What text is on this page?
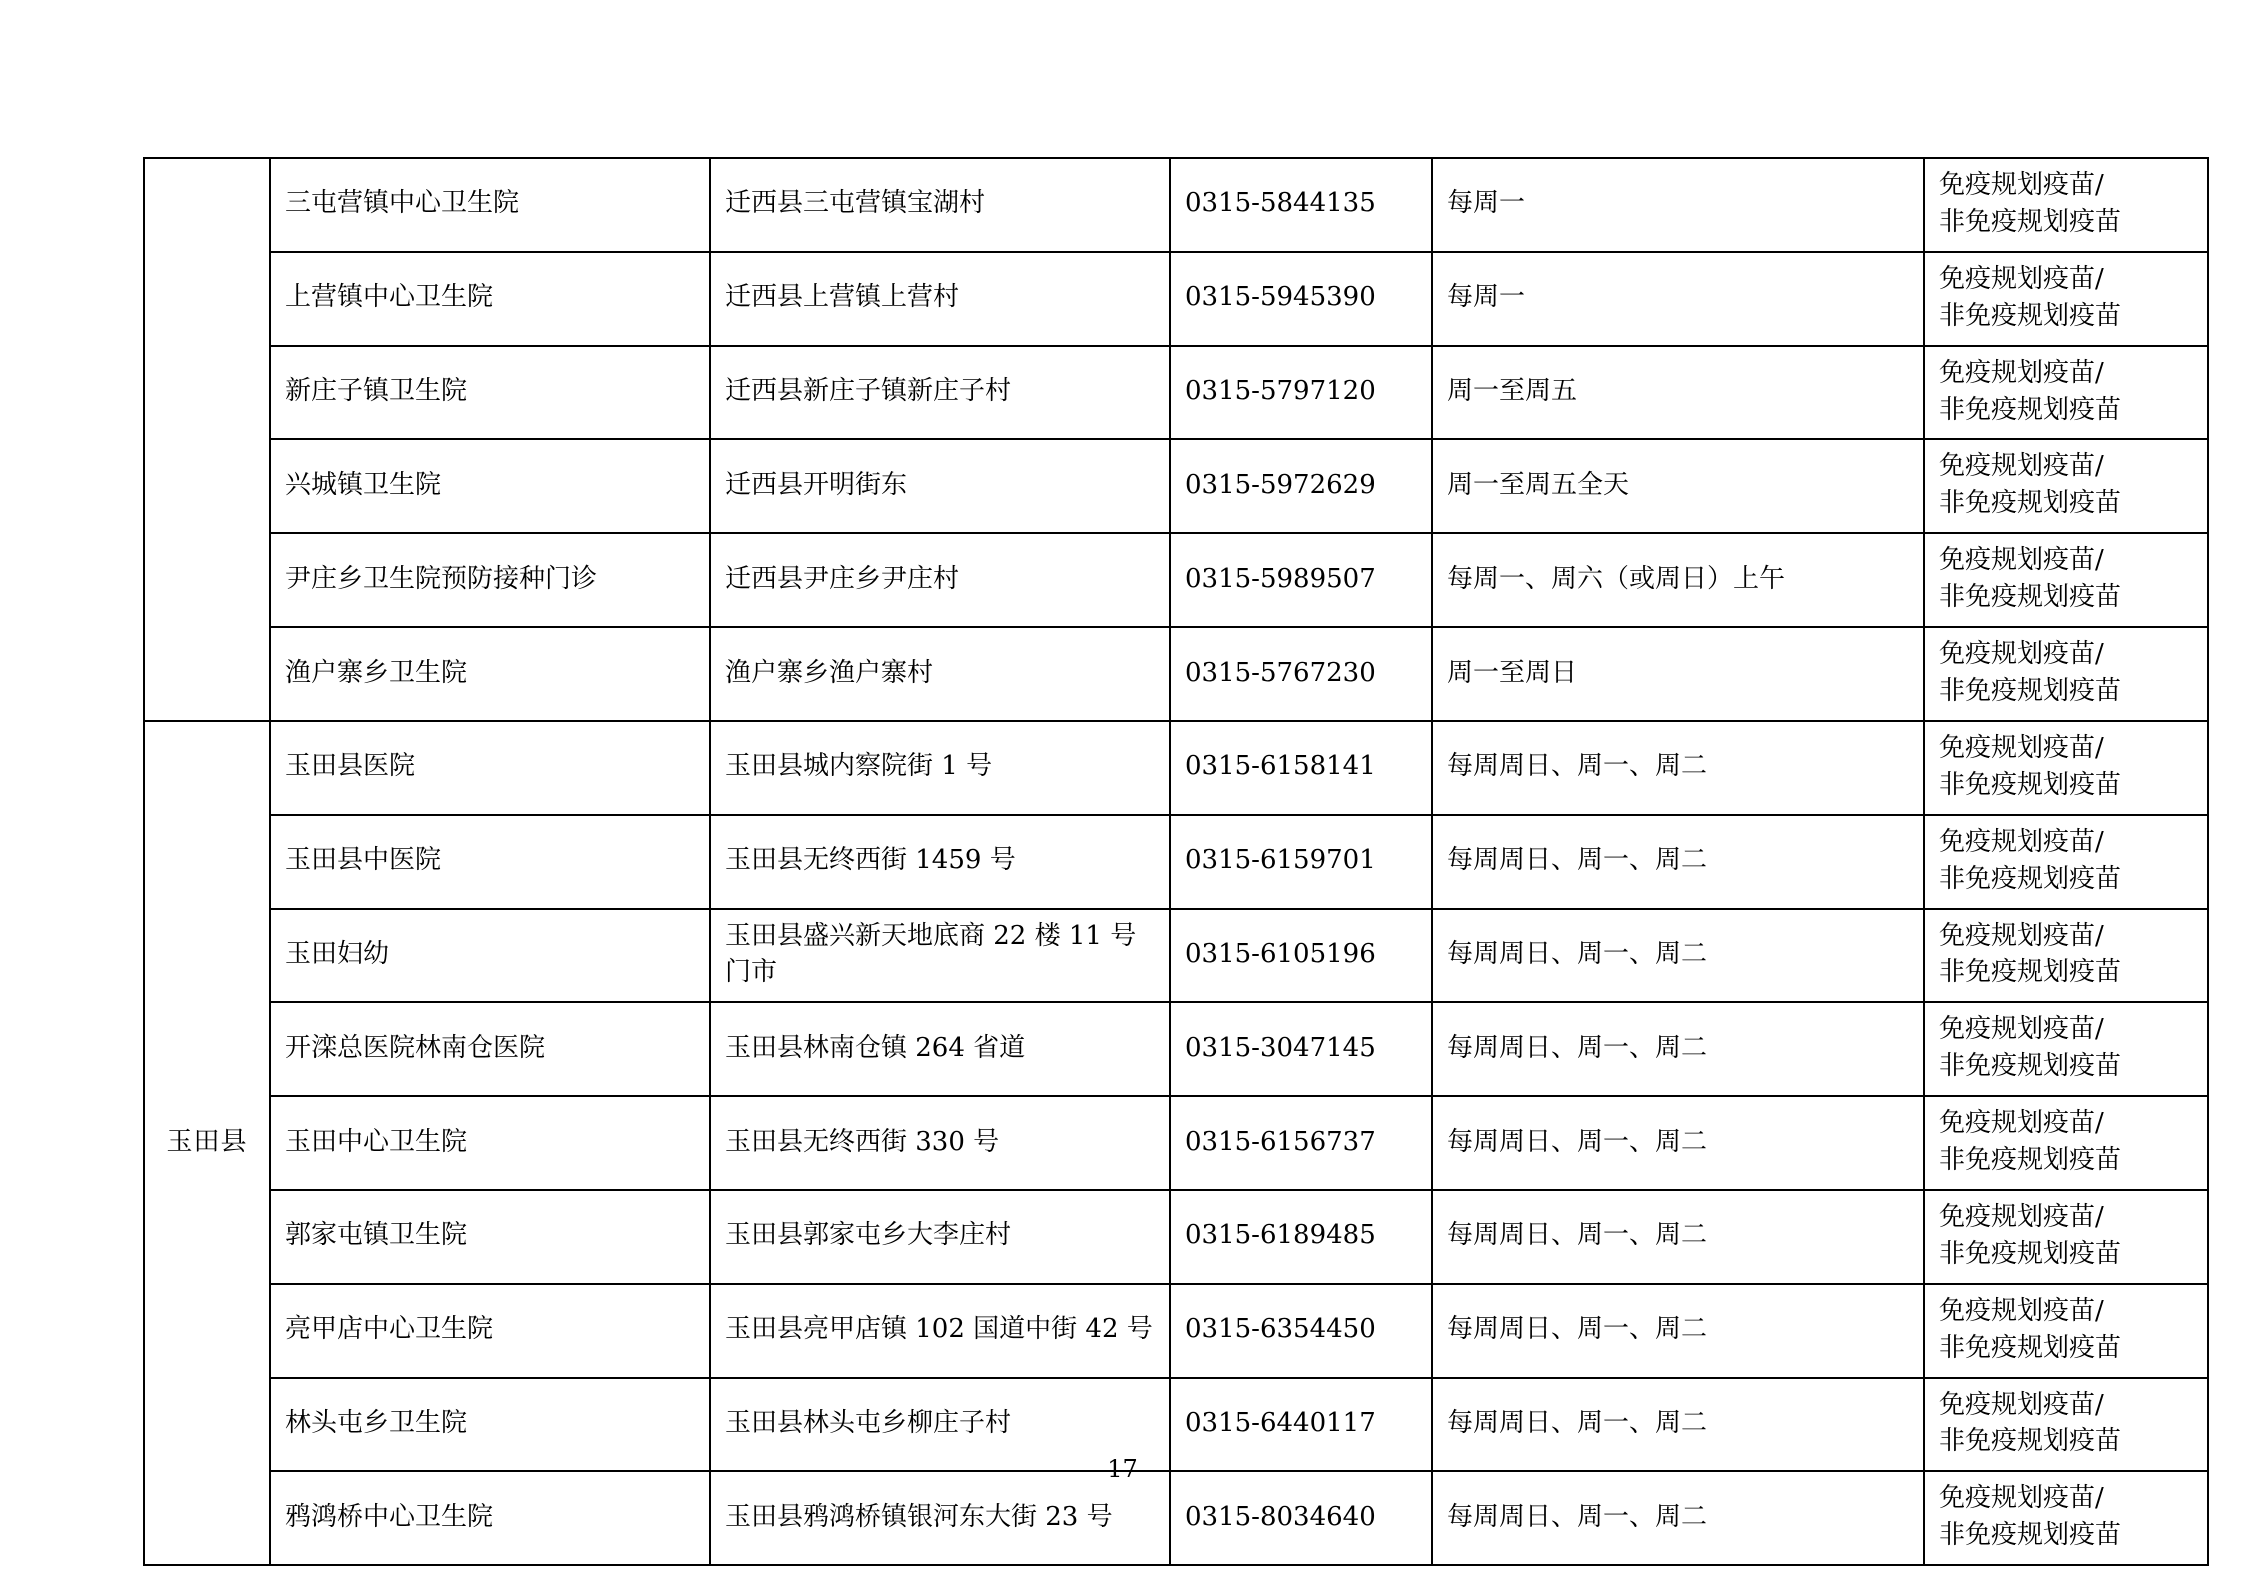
	三屯营镇中心卫生院	迁西县三屯营镇宝湖村	0315-5844135	每周一	免疫规划疫苗/
非免疫规划疫苗

	上营镇中心卫生院	迁西县上营镇上营村	0315-5945390	每周一	免疫规划疫苗/
非免疫规划疫苗

	新庄子镇卫生院	迁西县新庄子镇新庄子村	0315-5797120	周一至周五	免疫规划疫苗/
非免疫规划疫苗

	兴城镇卫生院	迁西县开明街东	0315-5972629	周一至周五全天	免疫规划疫苗/
非免疫规划疫苗

	尹庄乡卫生院预防接种门诊	迁西县尹庄乡尹庄村	0315-5989507	每周一、周六（或周日）上午	免疫规划疫苗/
非免疫规划疫苗

	渔户寨乡卫生院	渔户寨乡渔户寨村	0315-5767230	周一至周日	免疫规划疫苗/
非免疫规划疫苗

玉田县	玉田县医院	玉田县城内察院街 1 号	0315-6158141	每周周日、周一、周二	免疫规划疫苗/
非免疫规划疫苗

	玉田县中医院	玉田县无终西街 1459 号	0315-6159701	每周周日、周一、周二	免疫规划疫苗/
非免疫规划疫苗

	玉田妇幼	玉田县盛兴新天地底商 22 楼 11 号门市	0315-6105196	每周周日、周一、周二	免疫规划疫苗/
非免疫规划疫苗

	开滦总医院林南仓医院	玉田县林南仓镇 264 省道	0315-3047145	每周周日、周一、周二	免疫规划疫苗/
非免疫规划疫苗

	玉田中心卫生院	玉田县无终西街 330 号	0315-6156737	每周周日、周一、周二	免疫规划疫苗/
非免疫规划疫苗

	郭家屯镇卫生院	玉田县郭家屯乡大李庄村	0315-6189485	每周周日、周一、周二	免疫规划疫苗/
非免疫规划疫苗

	亮甲店中心卫生院	玉田县亮甲店镇 102 国道中街 42 号	0315-6354450	每周周日、周一、周二	免疫规划疫苗/
非免疫规划疫苗

	林头屯乡卫生院	玉田县林头屯乡柳庄子村	0315-6440117	每周周日、周一、周二	免疫规划疫苗/
非免疫规划疫苗

	鸦鸿桥中心卫生院	玉田县鸦鸿桥镇银河东大街 23 号	0315-8034640	每周周日、周一、周二	免疫规划疫苗/
非免疫规划疫苗
17
